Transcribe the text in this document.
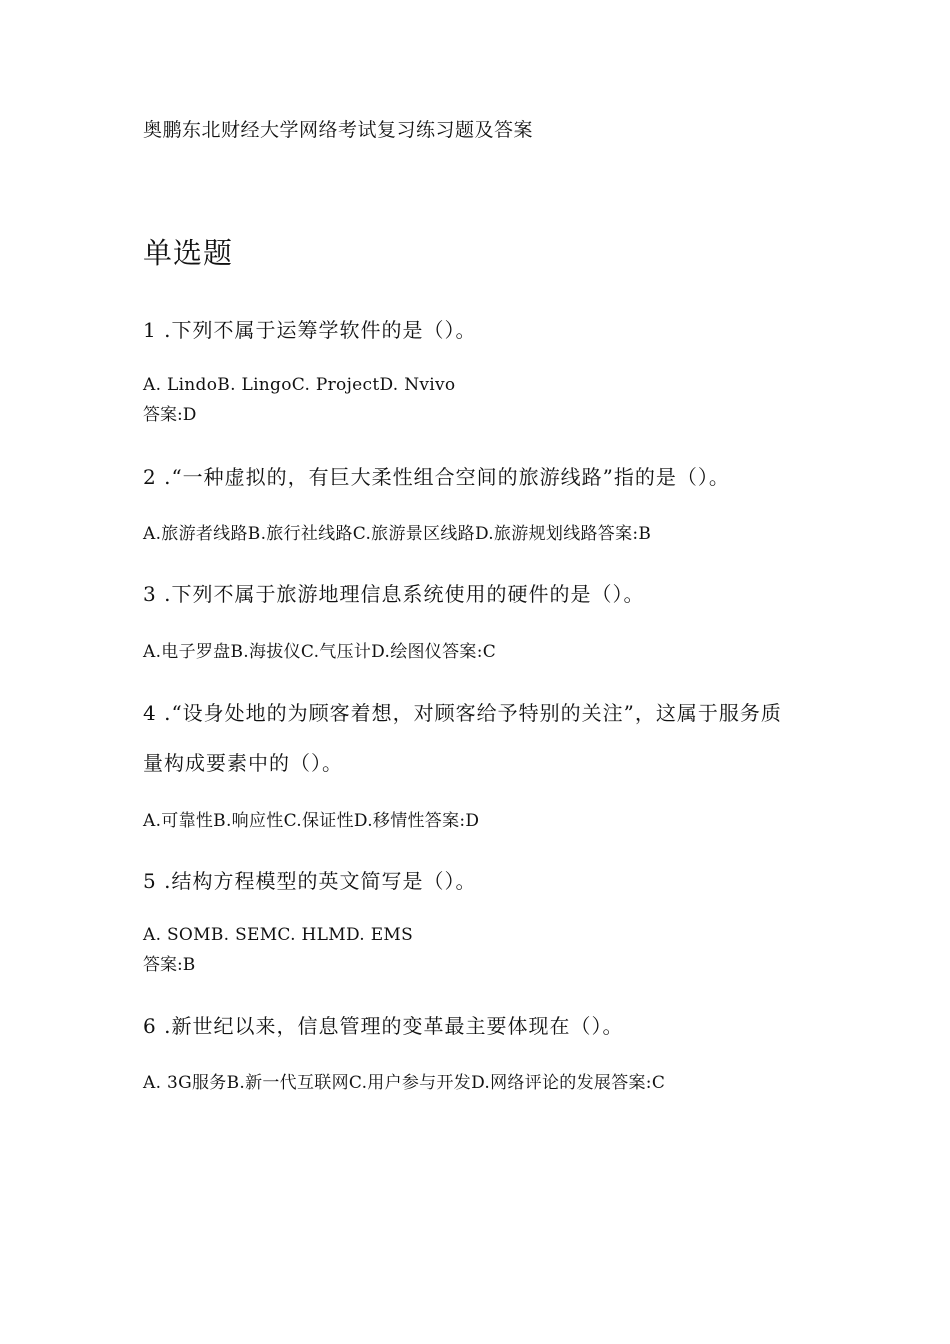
奥鹏东北财经大学网络考试复习练习题及答案
单选题
1 .下列不属于运筹学软件的是（）。
A. LindoB. LingoC. ProjectD. Nvivo
答案:D
2 .“一种虚拟的，有巨大柔性组合空间的旅游线路”指的是（）。
A.旅游者线路B.旅行社线路C.旅游景区线路D.旅游规划线路答案:B
3 .下列不属于旅游地理信息系统使用的硬件的是（）。
A.电子罗盘B.海拔仪C.气压计D.绘图仪答案:C
4 .“设身处地的为顾客着想，对顾客给予特别的关注”，这属于服务质
量构成要素中的（）。
A.可靠性B.响应性C.保证性D.移情性答案:D
5 .结构方程模型的英文简写是（）。
A. SOMB. SEMC. HLMD. EMS
答案:B
6 .新世纪以来，信息管理的变革最主要体现在（）。
A. 3G服务B.新一代互联网C.用户参与开发D.网络评论的发展答案:C
